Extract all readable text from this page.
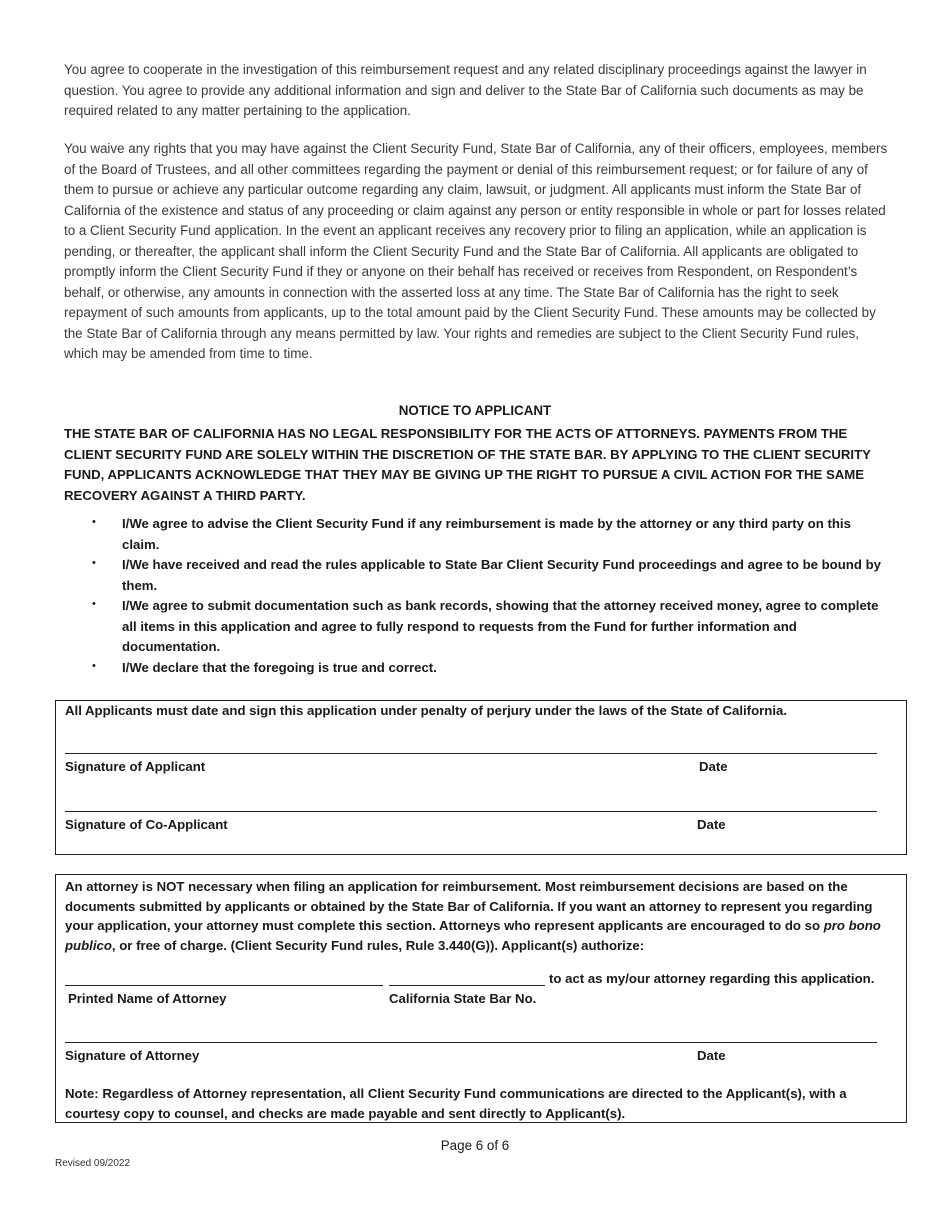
You agree to cooperate in the investigation of this reimbursement request and any related disciplinary proceedings against the lawyer in question. You agree to provide any additional information and sign and deliver to the State Bar of California such documents as may be required related to any matter pertaining to the application.

You waive any rights that you may have against the Client Security Fund, State Bar of California, any of their officers, employees, members of the Board of Trustees, and all other committees regarding the payment or denial of this reimbursement request; or for failure of any of them to pursue or achieve any particular outcome regarding any claim, lawsuit, or judgment. All applicants must inform the State Bar of California of the existence and status of any proceeding or claim against any person or entity responsible in whole or part for losses related to a Client Security Fund application. In the event an applicant receives any recovery prior to filing an application, while an application is pending, or thereafter, the applicant shall inform the Client Security Fund and the State Bar of California. All applicants are obligated to promptly inform the Client Security Fund if they or anyone on their behalf has received or receives from Respondent, on Respondent’s behalf, or otherwise, any amounts in connection with the asserted loss at any time. The State Bar of California has the right to seek repayment of such amounts from applicants, up to the total amount paid by the Client Security Fund. These amounts may be collected by the State Bar of California through any means permitted by law. Your rights and remedies are subject to the Client Security Fund rules, which may be amended from time to time.

NOTICE TO APPLICANT

THE STATE BAR OF CALIFORNIA HAS NO LEGAL RESPONSIBILITY FOR THE ACTS OF ATTORNEYS. PAYMENTS FROM THE CLIENT SECURITY FUND ARE SOLELY WITHIN THE DISCRETION OF THE STATE BAR. BY APPLYING TO THE CLIENT SECURITY FUND, APPLICANTS ACKNOWLEDGE THAT THEY MAY BE GIVING UP THE RIGHT TO PURSUE A CIVIL ACTION FOR THE SAME RECOVERY AGAINST A THIRD PARTY.

• I/We agree to advise the Client Security Fund if any reimbursement is made by the attorney or any third party on this claim.
• I/We have received and read the rules applicable to State Bar Client Security Fund proceedings and agree to be bound by them.
• I/We agree to submit documentation such as bank records, showing that the attorney received money, agree to complete all items in this application and agree to fully respond to requests from the Fund for further information and documentation.
• I/We declare that the foregoing is true and correct.
All Applicants must date and sign this application under penalty of perjury under the laws of the State of California.
Signature of Applicant	Date
Signature of Co-Applicant	Date

An attorney is NOT necessary when filing an application for reimbursement. Most reimbursement decisions are based on the documents submitted by applicants or obtained by the State Bar of California. If you want an attorney to represent you regarding your application, your attorney must complete this section. Attorneys who represent applicants are encouraged to do so pro bono publico, or free of charge. (Client Security Fund rules, Rule 3.440(G)). Applicant(s) authorize:

to act as my/our attorney regarding this application.
Printed Name of Attorney	California State Bar No.
Signature of Attorney	Date

Note: Regardless of Attorney representation, all Client Security Fund communications are directed to the Applicant(s), with a courtesy copy to counsel, and checks are made payable and sent directly to Applicant(s).

Page 6 of 6
Revised 09/2022
